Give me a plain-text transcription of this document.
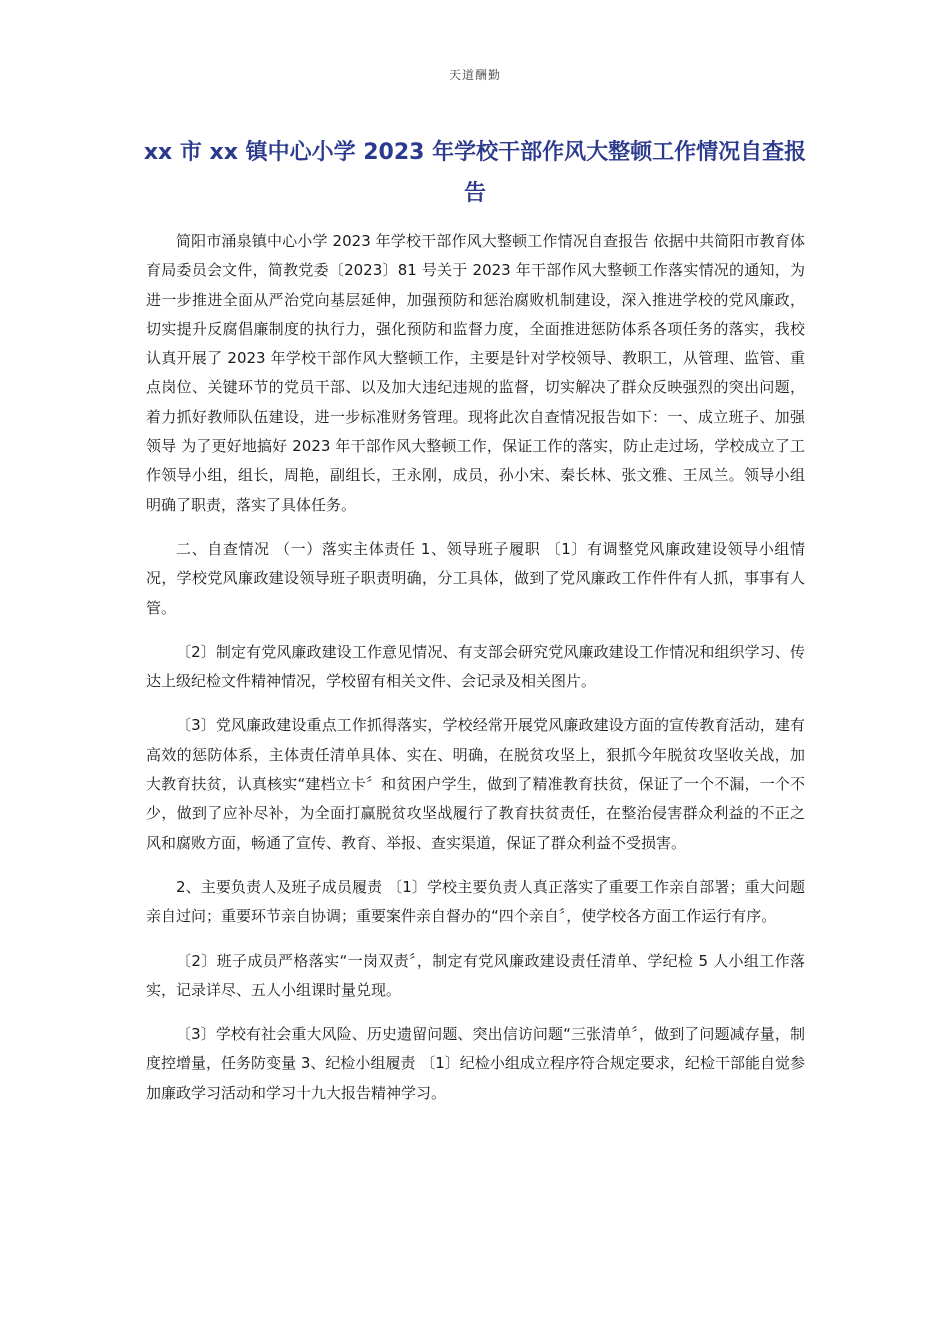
天道酬勤
xx 市 xx 镇中心小学 2023 年学校干部作风大整顿工作情况自查报告

简阳市涌泉镇中心小学 2023 年学校干部作风大整顿工作情况自查报告 依据中共简阳市教育体育局委员会文件，简教党委〔2023〕81 号关于 2023 年干部作风大整顿工作落实情况的通知，为进一步推进全面从严治党向基层延伸，加强预防和惩治腐败机制建设，深入推进学校的党风廉政，切实提升反腐倡廉制度的执行力，强化预防和监督力度，全面推进惩防体系各项任务的落实，我校认真开展了 2023 年学校干部作风大整顿工作，主要是针对学校领导、教职工，从管理、监管、重点岗位、关键环节的党员干部、以及加大违纪违规的监督，切实解决了群众反映强烈的突出问题，着力抓好教师队伍建设，进一步标准财务管理。现将此次自查情况报告如下：一、成立班子、加强领导 为了更好地搞好 2023 年干部作风大整顿工作，保证工作的落实，防止走过场，学校成立了工作领导小组，组长，周艳，副组长，王永刚，成员，孙小宋、秦长林、张文雅、王凤兰。领导小组明确了职责，落实了具体任务。

二、自查情况 （一）落实主体责任 1、领导班子履职 〔1〕有调整党风廉政建设领导小组情况，学校党风廉政建设领导班子职责明确，分工具体，做到了党风廉政工作件件有人抓，事事有人管。

〔2〕制定有党风廉政建设工作意见情况、有支部会研究党风廉政建设工作情况和组织学习、传达上级纪检文件精神情况，学校留有相关文件、会记录及相关图片。

〔3〕党风廉政建设重点工作抓得落实，学校经常开展党风廉政建设方面的宣传教育活动，建有高效的惩防体系，主体责任清单具体、实在、明确，在脱贫攻坚上，狠抓今年脱贫攻坚收关战，加大教育扶贫，认真核实“建档立卡〞和贫困户学生，做到了精准教育扶贫，保证了一个不漏，一个不少，做到了应补尽补，为全面打赢脱贫攻坚战履行了教育扶贫责任，在整治侵害群众利益的不正之风和腐败方面，畅通了宣传、教育、举报、查实渠道，保证了群众利益不受损害。

2、主要负责人及班子成员履责 〔1〕学校主要负责人真正落实了重要工作亲自部署；重大问题亲自过问；重要环节亲自协调；重要案件亲自督办的“四个亲自〞，使学校各方面工作运行有序。

〔2〕班子成员严格落实“一岗双责〞，制定有党风廉政建设责任清单、学纪检 5 人小组工作落实，记录详尽、五人小组课时量兑现。

〔3〕学校有社会重大风险、历史遗留问题、突出信访问题“三张清单〞，做到了问题减存量，制度控增量，任务防变量 3、纪检小组履责 〔1〕纪检小组成立程序符合规定要求，纪检干部能自觉参加廉政学习活动和学习十九大报告精神学习。
